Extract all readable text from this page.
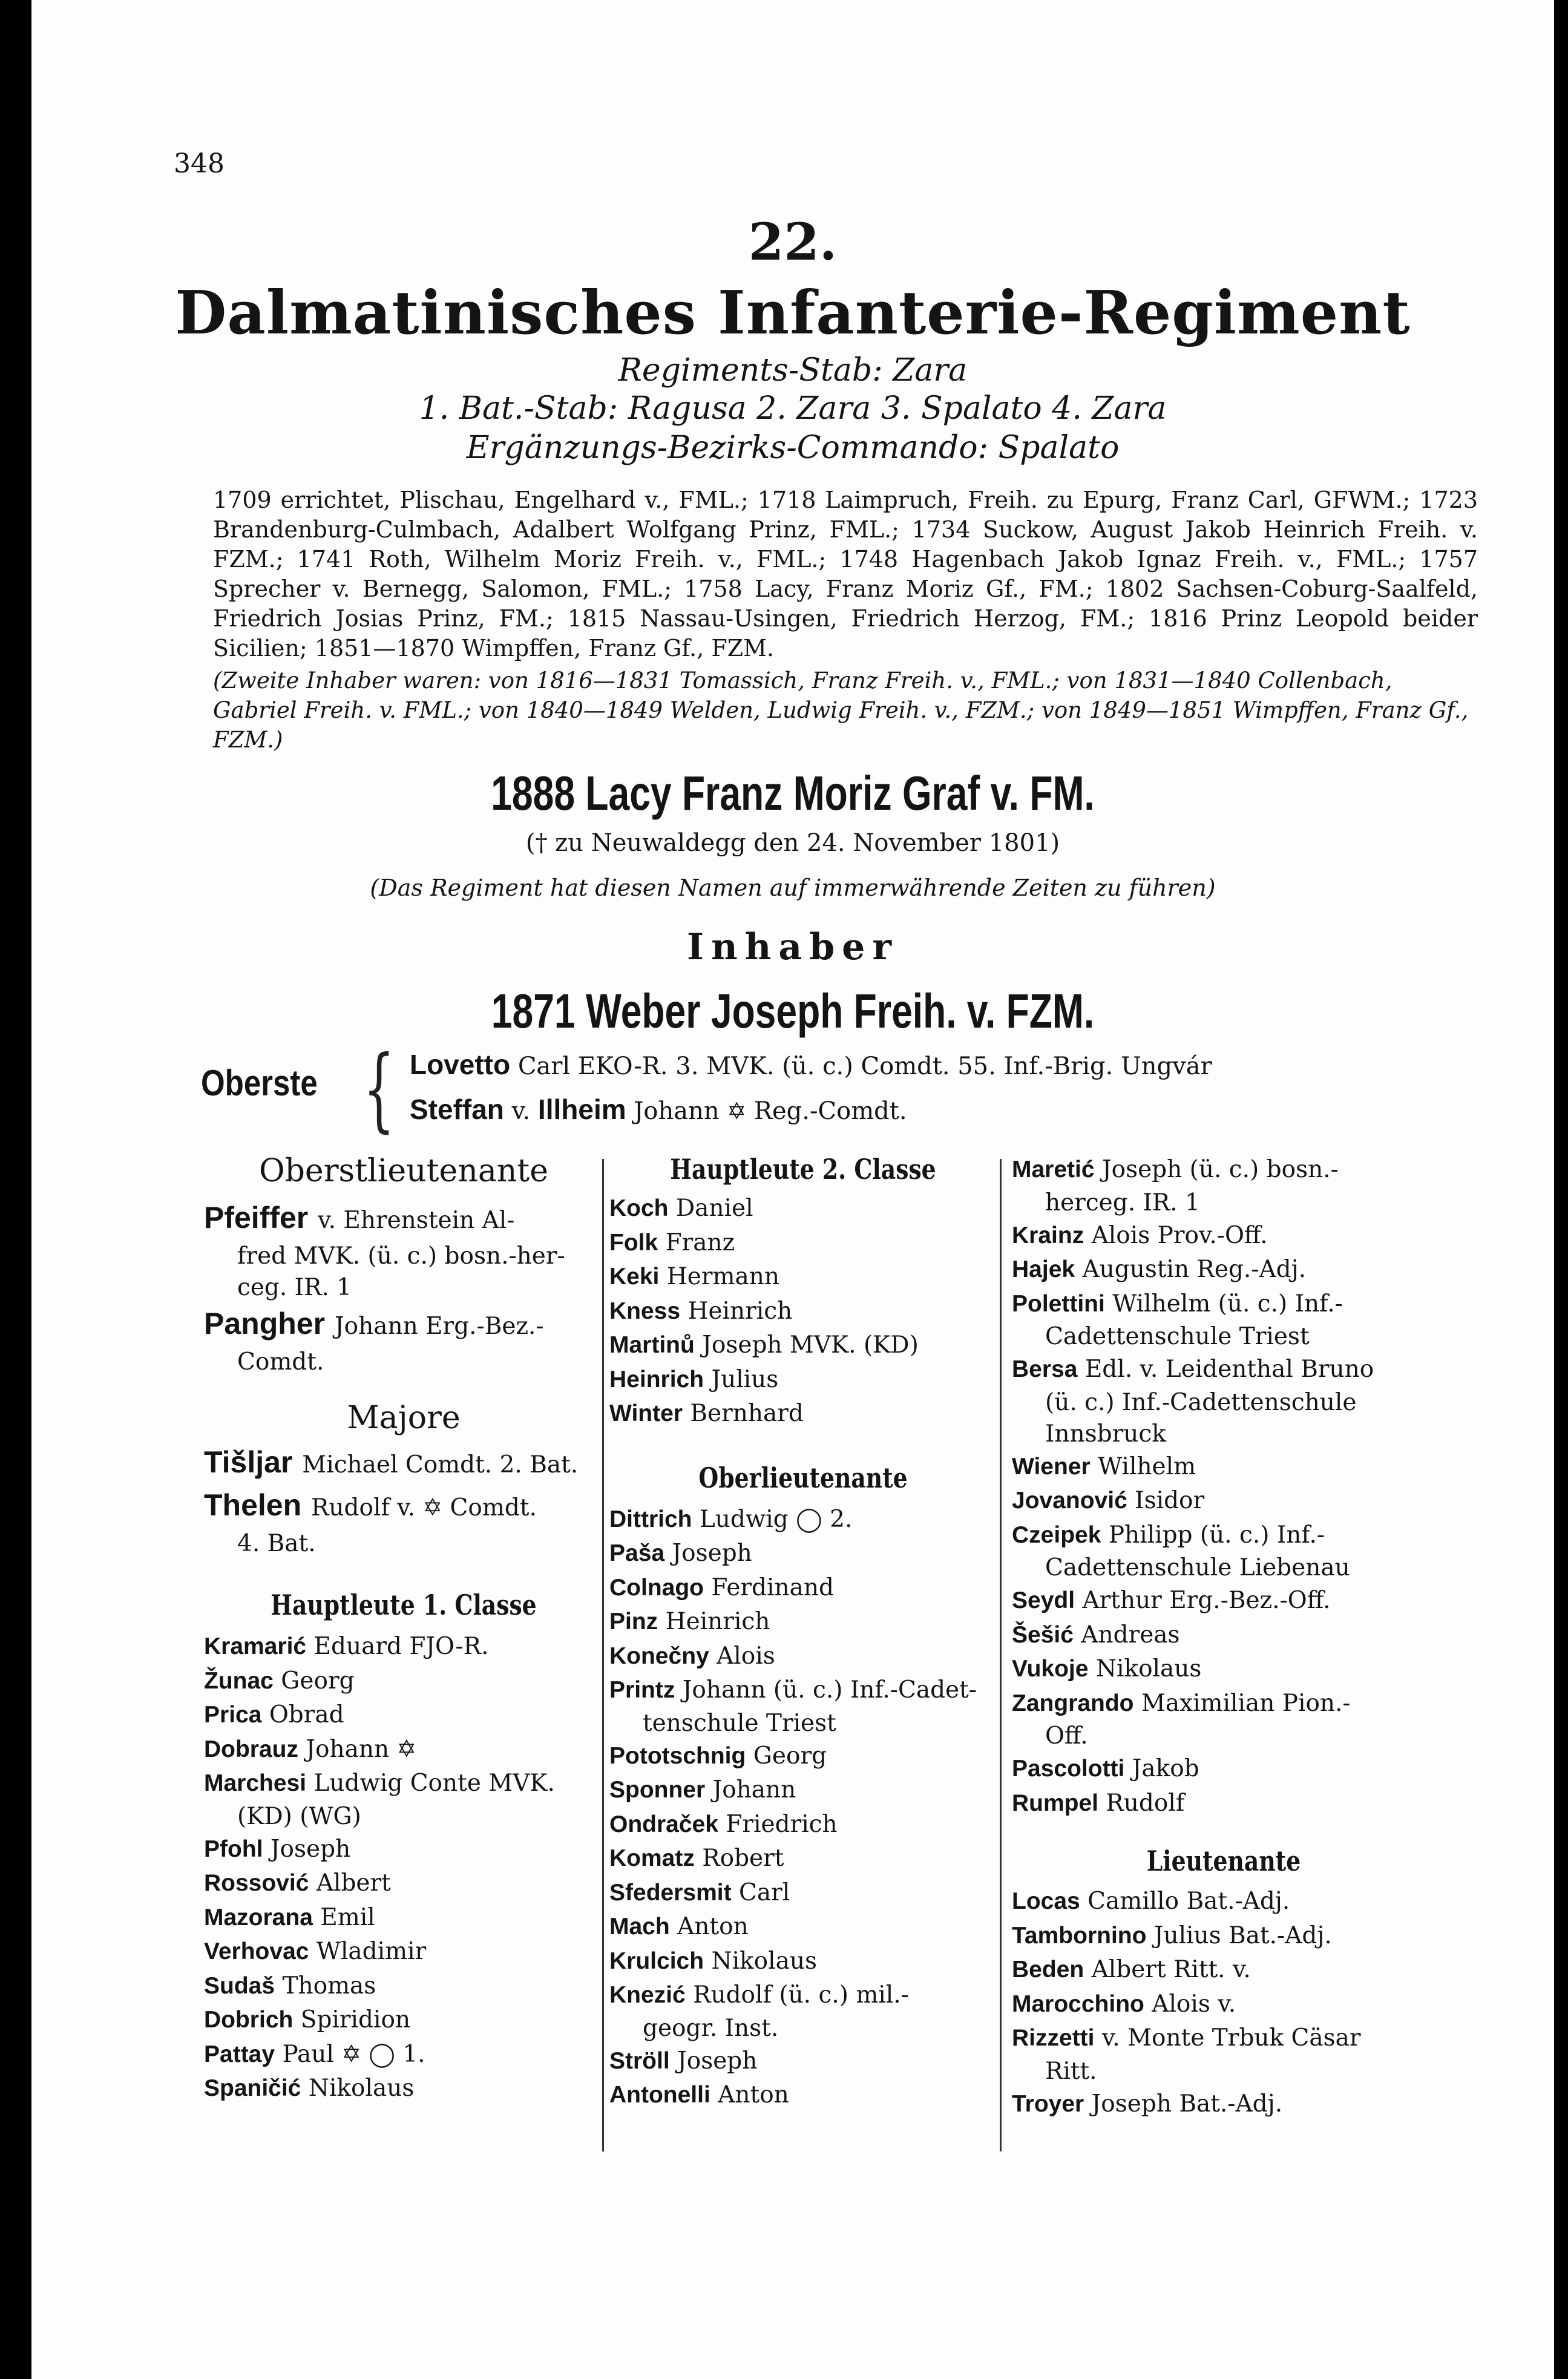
348
22.
Dalmatinisches Infanterie-Regiment
Regiments-Stab: Zara
1. Bat.-Stab: Ragusa 2. Zara 3. Spalato 4. Zara
Ergänzungs-Bezirks-Commando: Spalato
1709 errichtet, Plischau, Engelhard v., FML.; 1718 Laimpruch, Freih. zu Epurg, Franz Carl, GFWM.; 1723 Brandenburg-Culmbach, Adalbert Wolfgang Prinz, FML.; 1734 Suckow, August Jakob Heinrich Freih. v. FZM.; 1741 Roth, Wilhelm Moriz Freih. v., FML.; 1748 Hagenbach Jakob Ignaz Freih. v., FML.; 1757 Sprecher v. Bernegg, Salomon, FML.; 1758 Lacy, Franz Moriz Gf., FM.; 1802 Sachsen-Coburg-Saalfeld, Friedrich Josias Prinz, FM.; 1815 Nassau-Usingen, Friedrich Herzog, FM.; 1816 Prinz Leopold beider Sicilien; 1851—1870 Wimpffen, Franz Gf., FZM.
(Zweite Inhaber waren: von 1816—1831 Tomassich, Franz Freih. v., FML.; von 1831—1840 Collenbach, Gabriel Freih. v. FML.; von 1840—1849 Welden, Ludwig Freih. v., FZM.; von 1849—1851 Wimpffen, Franz Gf., FZM.)
1888 Lacy Franz Moriz Graf v. FM.
(† zu Neuwaldegg den 24. November 1801)
(Das Regiment hat diesen Namen auf immerwährende Zeiten zu führen)
Inhaber
1871 Weber Joseph Freih. v. FZM.
Oberste { Lovetto Carl EKO-R. 3. MVK. (ü. c.) Comdt. 55. Inf.-Brig. Ungvár
Steffan v. Illheim Johann ✡ Reg.-Comdt.

Oberstlieutenante

Pfeiffer v. Ehrenstein Al-
fred MVK. (ü. c.) bosn.-her-ceg. IR. 1

Pangher Johann Erg.-Bez.-
Comdt.

Majore

Tišljar Michael Comdt. 2. Bat.

Thelen Rudolf v. ✡ Comdt.
4. Bat.

Hauptleute 1. Classe

Kramarić Eduard FJO-R.

Žunac Georg

Prica Obrad

Dobrauz Johann ✡

Marchesi Ludwig Conte MVK.
(KD) (WG)

Pfohl Joseph

Rossović Albert

Mazorana Emil

Verhovac Wladimir

Sudaš Thomas

Dobrich Spiridion

Pattay Paul ✡ ◯ 1.

Spaničić Nikolaus

Hauptleute 2. Classe

Koch Daniel

Folk Franz

Keki Hermann

Kness Heinrich

Martinů Joseph MVK. (KD)

Heinrich Julius

Winter Bernhard

Oberlieutenante

Dittrich Ludwig ◯ 2.

Paša Joseph

Colnago Ferdinand

Pinz Heinrich

Konečny Alois

Printz Johann (ü. c.) Inf.-Cadet-
tenschule Triest

Pototschnig Georg

Sponner Johann

Ondraček Friedrich

Komatz Robert

Sfedersmit Carl

Mach Anton

Krulcich Nikolaus

Knezić Rudolf (ü. c.) mil.-
geogr. Inst.

Ströll Joseph

Antonelli Anton

Maretić Joseph (ü. c.) bosn.-
herceg. IR. 1

Krainz Alois Prov.-Off.

Hajek Augustin Reg.-Adj.

Polettini Wilhelm (ü. c.) Inf.-
Cadettenschule Triest

Bersa Edl. v. Leidenthal Bruno
(ü. c.) Inf.-Cadettenschule Innsbruck

Wiener Wilhelm

Jovanović Isidor

Czeipek Philipp (ü. c.) Inf.-
Cadettenschule Liebenau

Seydl Arthur Erg.-Bez.-Off.

Šešić Andreas

Vukoje Nikolaus

Zangrando Maximilian Pion.-
Off.

Pascolotti Jakob

Rumpel Rudolf

Lieutenante

Locas Camillo Bat.-Adj.

Tambornino Julius Bat.-Adj.

Beden Albert Ritt. v.

Marocchino Alois v.

Rizzetti v. Monte Trbuk Cäsar
Ritt.

Troyer Joseph Bat.-Adj.
